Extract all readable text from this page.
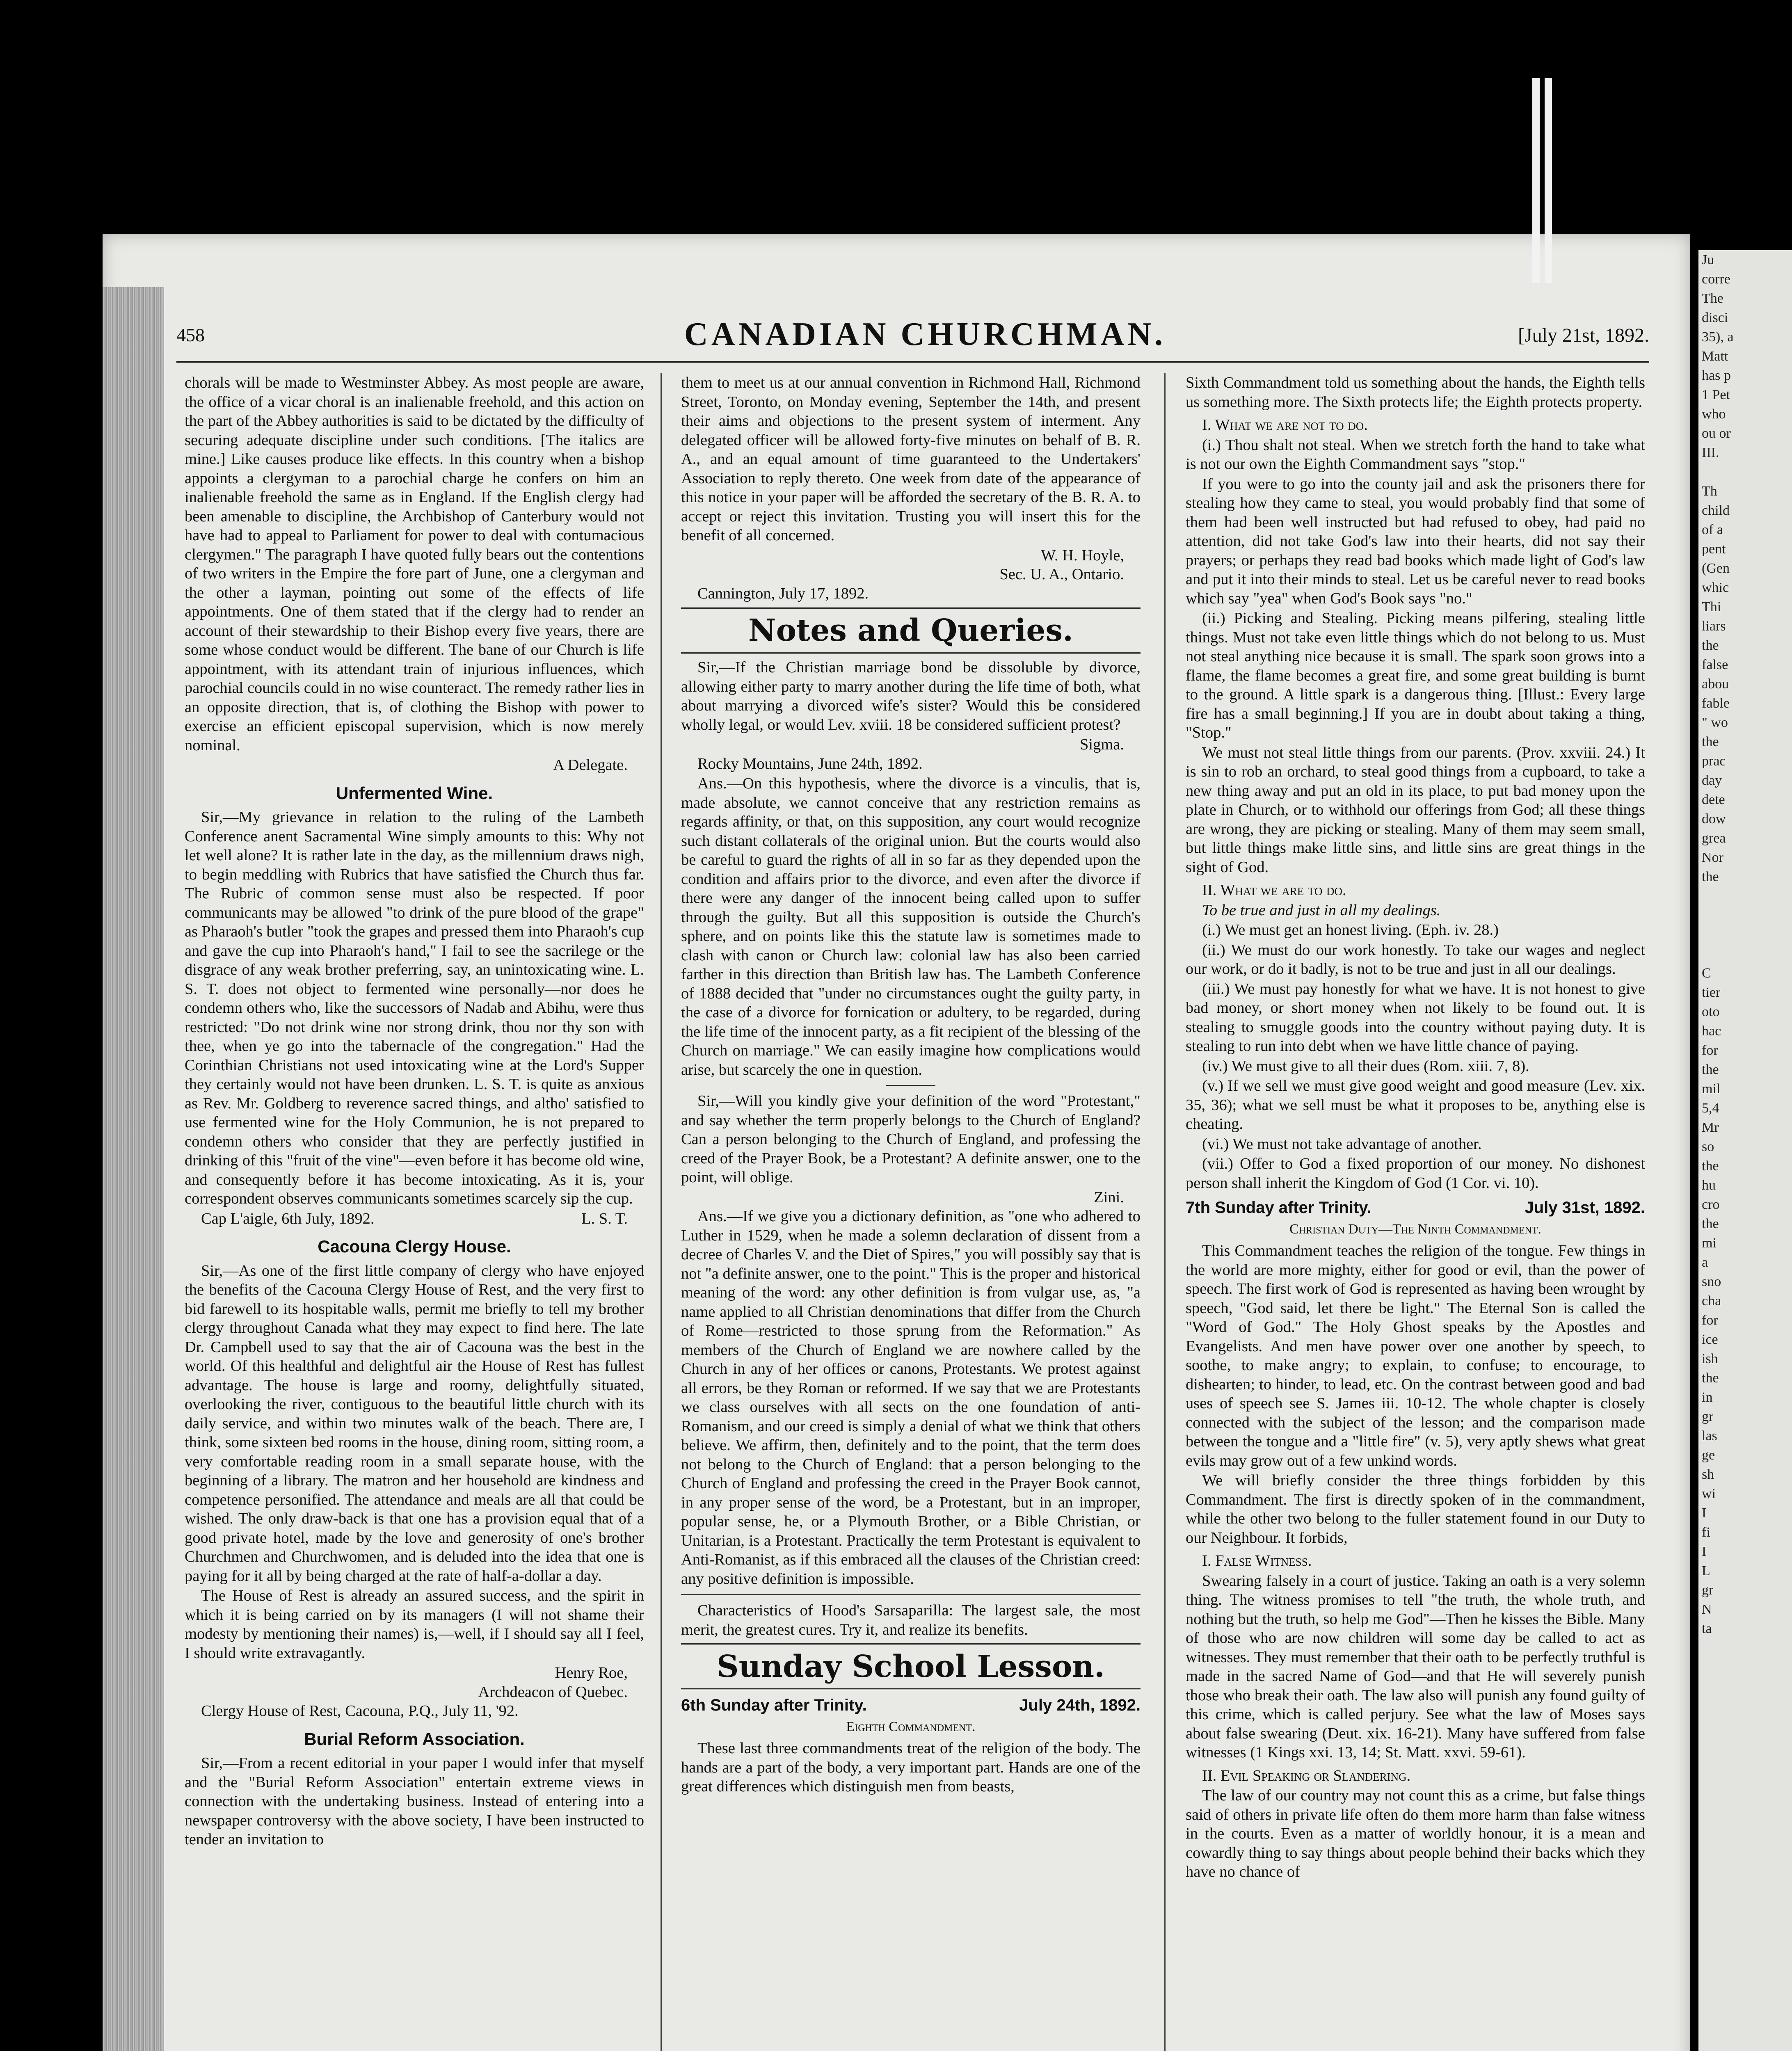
Ju
corre
The
disci
35), a
Matt
has p
1 Pet
who
ou or
III.

Th
child
of a
pent
(Gen
whic
Thi
liars
the
false
abou
fable
" wo
the
prac
day
dete
dow
grea
Nor
the

C
tier
oto
hac
for
the
mil
5,4
Mr
so
the
hu
cro
the
mi
a
sno
cha
for
ice
ish
the
in
gr
las
ge
sh
wi
I
fi
I
L
gr
N
ta
458	CANADIAN CHURCHMAN.	[July 21st, 1892.

chorals will be made to Westminster Abbey. As most people are aware, the office of a vicar choral is an inalienable freehold, and this action on the part of the Abbey authorities is said to be dictated by the difficulty of securing adequate discipline under such conditions. [The italics are mine.] Like causes produce like effects. In this country when a bishop appoints a clergyman to a parochial charge he confers on him an inalienable freehold the same as in England. If the English clergy had been amenable to discipline, the Archbishop of Canterbury would not have had to appeal to Parliament for power to deal with contumacious clergymen." The paragraph I have quoted fully bears out the contentions of two writers in the Empire the fore part of June, one a clergyman and the other a layman, pointing out some of the effects of life appointments. One of them stated that if the clergy had to render an account of their stewardship to their Bishop every five years, there are some whose conduct would be different. The bane of our Church is life appointment, with its attendant train of injurious influences, which parochial councils could in no wise counteract. The remedy rather lies in an opposite direction, that is, of clothing the Bishop with power to exercise an efficient episcopal supervision, which is now merely nominal.

A Delegate.
Unfermented Wine.

Sir,—My grievance in relation to the ruling of the Lambeth Conference anent Sacramental Wine simply amounts to this: Why not let well alone? It is rather late in the day, as the millennium draws nigh, to begin meddling with Rubrics that have satisfied the Church thus far. The Rubric of common sense must also be respected. If poor communicants may be allowed "to drink of the pure blood of the grape" as Pharaoh's butler "took the grapes and pressed them into Pharaoh's cup and gave the cup into Pharaoh's hand," I fail to see the sacrilege or the disgrace of any weak brother preferring, say, an unintoxicating wine. L. S. T. does not object to fermented wine personally—nor does he condemn others who, like the successors of Nadab and Abihu, were thus restricted: "Do not drink wine nor strong drink, thou nor thy son with thee, when ye go into the tabernacle of the congregation." Had the Corinthian Christians not used intoxicating wine at the Lord's Supper they certainly would not have been drunken. L. S. T. is quite as anxious as Rev. Mr. Goldberg to reverence sacred things, and altho' satisfied to use fermented wine for the Holy Communion, he is not prepared to condemn others who consider that they are perfectly justified in drinking of this "fruit of the vine"—even before it has become old wine, and consequently before it has become intoxicating. As it is, your correspondent observes communicants sometimes scarcely sip the cup.

Cap L'aigle, 6th July, 1892.	L. S. T.

Cacouna Clergy House.

Sir,—As one of the first little company of clergy who have enjoyed the benefits of the Cacouna Clergy House of Rest, and the very first to bid farewell to its hospitable walls, permit me briefly to tell my brother clergy throughout Canada what they may expect to find here. The late Dr. Campbell used to say that the air of Cacouna was the best in the world. Of this healthful and delightful air the House of Rest has fullest advantage. The house is large and roomy, delightfully situated, overlooking the river, contiguous to the beautiful little church with its daily service, and within two minutes walk of the beach. There are, I think, some sixteen bed rooms in the house, dining room, sitting room, a very comfortable reading room in a small separate house, with the beginning of a library. The matron and her household are kindness and competence personified. The attendance and meals are all that could be wished. The only draw-back is that one has a provision equal that of a good private hotel, made by the love and generosity of one's brother Churchmen and Churchwomen, and is deluded into the idea that one is paying for it all by being charged at the rate of half-a-dollar a day.

The House of Rest is already an assured success, and the spirit in which it is being carried on by its managers (I will not shame their modesty by mentioning their names) is,—well, if I should say all I feel, I should write extravagantly.

Henry Roe,
Archdeacon of Quebec.

Clergy House of Rest, Cacouna, P.Q., July 11, '92.

Burial Reform Association.

Sir,—From a recent editorial in your paper I would infer that myself and the "Burial Reform Association" entertain extreme views in connection with the undertaking business. Instead of entering into a newspaper controversy with the above society, I have been instructed to tender an invitation to

them to meet us at our annual convention in Richmond Hall, Richmond Street, Toronto, on Monday evening, September the 14th, and present their aims and objections to the present system of interment. Any delegated officer will be allowed forty-five minutes on behalf of B. R. A., and an equal amount of time guaranteed to the Undertakers' Association to reply thereto. One week from date of the appearance of this notice in your paper will be afforded the secretary of the B. R. A. to accept or reject this invitation. Trusting you will insert this for the benefit of all concerned.

W. H. Hoyle,
Sec. U. A., Ontario.

Cannington, July 17, 1892.

Notes and Queries.

Sir,—If the Christian marriage bond be dissoluble by divorce, allowing either party to marry another during the life time of both, what about marrying a divorced wife's sister? Would this be considered wholly legal, or would Lev. xviii. 18 be considered sufficient protest?

Sigma.

Rocky Mountains, June 24th, 1892.

Ans.—On this hypothesis, where the divorce is a vinculis, that is, made absolute, we cannot conceive that any restriction remains as regards affinity, or that, on this supposition, any court would recognize such distant collaterals of the original union. But the courts would also be careful to guard the rights of all in so far as they depended upon the condition and affairs prior to the divorce, and even after the divorce if there were any danger of the innocent being called upon to suffer through the guilty. But all this supposition is outside the Church's sphere, and on points like this the statute law is sometimes made to clash with canon or Church law: colonial law has also been carried farther in this direction than British law has. The Lambeth Conference of 1888 decided that "under no circumstances ought the guilty party, in the case of a divorce for fornication or adultery, to be regarded, during the life time of the innocent party, as a fit recipient of the blessing of the Church on marriage." We can easily imagine how complications would arise, but scarcely the one in question.

Sir,—Will you kindly give your definition of the word "Protestant," and say whether the term properly belongs to the Church of England? Can a person belonging to the Church of England, and professing the creed of the Prayer Book, be a Protestant? A definite answer, one to the point, will oblige.

Zini.

Ans.—If we give you a dictionary definition, as "one who adhered to Luther in 1529, when he made a solemn declaration of dissent from a decree of Charles V. and the Diet of Spires," you will possibly say that is not "a definite answer, one to the point." This is the proper and historical meaning of the word: any other definition is from vulgar use, as, "a name applied to all Christian denominations that differ from the Church of Rome—restricted to those sprung from the Reformation." As members of the Church of England we are nowhere called by the Church in any of her offices or canons, Protestants. We protest against all errors, be they Roman or reformed. If we say that we are Protestants we class ourselves with all sects on the one foundation of anti-Romanism, and our creed is simply a denial of what we think that others believe. We affirm, then, definitely and to the point, that the term does not belong to the Church of England: that a person belonging to the Church of England and professing the creed in the Prayer Book cannot, in any proper sense of the word, be a Protestant, but in an improper, popular sense, he, or a Plymouth Brother, or a Bible Christian, or Unitarian, is a Protestant. Practically the term Protestant is equivalent to Anti-Romanist, as if this embraced all the clauses of the Christian creed: any positive definition is impossible.

Characteristics of Hood's Sarsaparilla: The largest sale, the most merit, the greatest cures. Try it, and realize its benefits.

Sunday School Lesson.
6th Sunday after Trinity.	July 24th, 1892.
Eighth Commandment.

These last three commandments treat of the religion of the body. The hands are a part of the body, a very important part. Hands are one of the great differences which distinguish men from beasts,

Sixth Commandment told us something about the hands, the Eighth tells us something more. The Sixth protects life; the Eighth protects property.

I. What we are not to do.

(i.) Thou shalt not steal. When we stretch forth the hand to take what is not our own the Eighth Commandment says "stop."

If you were to go into the county jail and ask the prisoners there for stealing how they came to steal, you would probably find that some of them had been well instructed but had refused to obey, had paid no attention, did not take God's law into their hearts, did not say their prayers; or perhaps they read bad books which made light of God's law and put it into their minds to steal. Let us be careful never to read books which say "yea" when God's Book says "no."

(ii.) Picking and Stealing. Picking means pilfering, stealing little things. Must not take even little things which do not belong to us. Must not steal anything nice because it is small. The spark soon grows into a flame, the flame becomes a great fire, and some great building is burnt to the ground. A little spark is a dangerous thing. [Illust.: Every large fire has a small beginning.] If you are in doubt about taking a thing, "Stop."

We must not steal little things from our parents. (Prov. xxviii. 24.) It is sin to rob an orchard, to steal good things from a cupboard, to take a new thing away and put an old in its place, to put bad money upon the plate in Church, or to withhold our offerings from God; all these things are wrong, they are picking or stealing. Many of them may seem small, but little things make little sins, and little sins are great things in the sight of God.

II. What we are to do.

To be true and just in all my dealings.

(i.) We must get an honest living. (Eph. iv. 28.)

(ii.) We must do our work honestly. To take our wages and neglect our work, or do it badly, is not to be true and just in all our dealings.

(iii.) We must pay honestly for what we have. It is not honest to give bad money, or short money when not likely to be found out. It is stealing to smuggle goods into the country without paying duty. It is stealing to run into debt when we have little chance of paying.

(iv.) We must give to all their dues (Rom. xiii. 7, 8).

(v.) If we sell we must give good weight and good measure (Lev. xix. 35, 36); what we sell must be what it proposes to be, anything else is cheating.

(vi.) We must not take advantage of another.

(vii.) Offer to God a fixed proportion of our money. No dishonest person shall inherit the Kingdom of God (1 Cor. vi. 10).

7th Sunday after Trinity.	July 31st, 1892.
Christian Duty—The Ninth Commandment.

This Commandment teaches the religion of the tongue. Few things in the world are more mighty, either for good or evil, than the power of speech. The first work of God is represented as having been wrought by speech, "God said, let there be light." The Eternal Son is called the "Word of God." The Holy Ghost speaks by the Apostles and Evangelists. And men have power over one another by speech, to soothe, to make angry; to explain, to confuse; to encourage, to dishearten; to hinder, to lead, etc. On the contrast between good and bad uses of speech see S. James iii. 10-12. The whole chapter is closely connected with the subject of the lesson; and the comparison made between the tongue and a "little fire" (v. 5), very aptly shews what great evils may grow out of a few unkind words.

We will briefly consider the three things forbidden by this Commandment. The first is directly spoken of in the commandment, while the other two belong to the fuller statement found in our Duty to our Neighbour. It forbids,

I. False Witness.

Swearing falsely in a court of justice. Taking an oath is a very solemn thing. The witness promises to tell "the truth, the whole truth, and nothing but the truth, so help me God"—Then he kisses the Bible. Many of those who are now children will some day be called to act as witnesses. They must remember that their oath to be perfectly truthful is made in the sacred Name of God—and that He will severely punish those who break their oath. The law also will punish any found guilty of this crime, which is called perjury. See what the law of Moses says about false swearing (Deut. xix. 16-21). Many have suffered from false witnesses (1 Kings xxi. 13, 14; St. Matt. xxvi. 59-61).

II. Evil Speaking or Slandering.

The law of our country may not count this as a crime, but false things said of others in private life often do them more harm than false witness in the courts. Even as a matter of worldly honour, it is a mean and cowardly thing to say things about people behind their backs which they have no chance of
